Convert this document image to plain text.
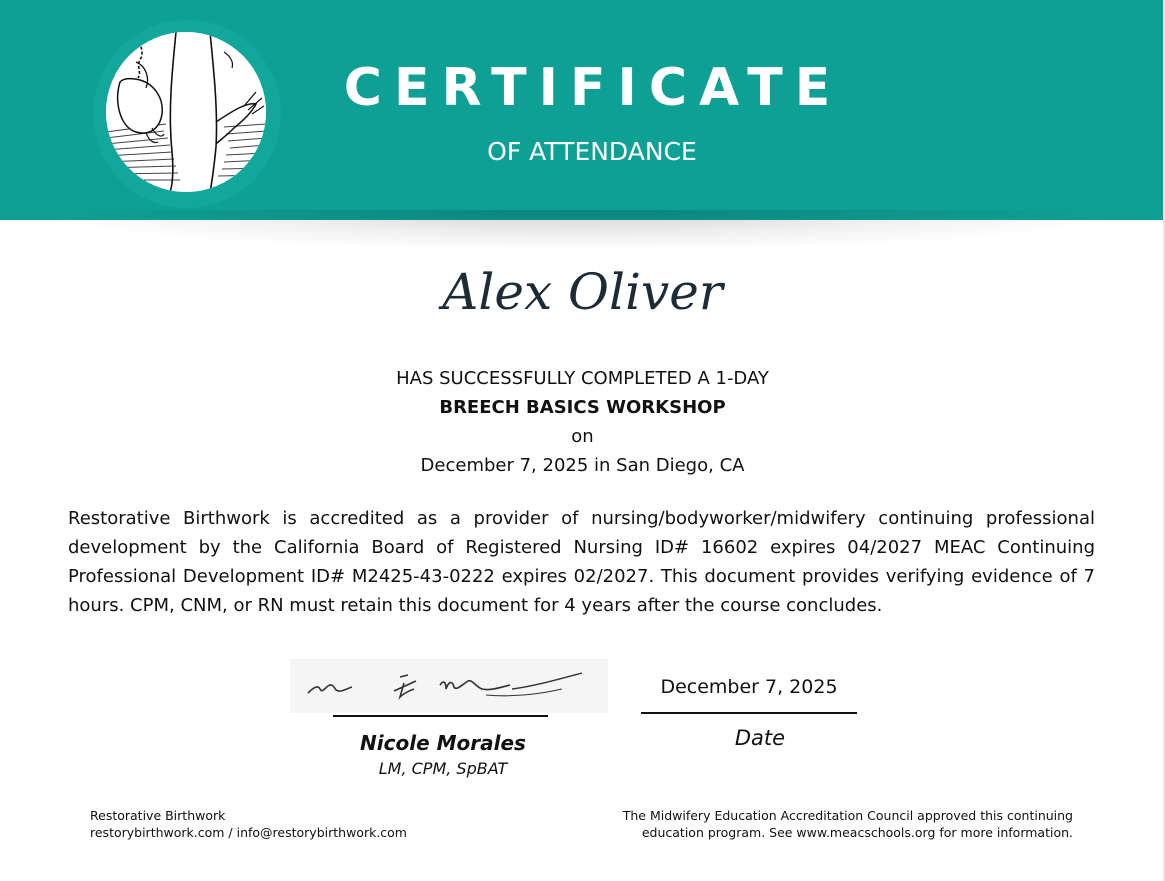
CERTIFICATE
OF ATTENDANCE
Alex Oliver
HAS SUCCESSFULLY COMPLETED A 1-DAY
BREECH BASICS WORKSHOP
on
December 7, 2025 in San Diego, CA
Restorative Birthwork is accredited as a provider of nursing/bodyworker/midwifery continuing professional development by the California Board of Registered Nursing ID# 16602 expires 04/2027 MEAC Continuing Professional Development ID# M2425-43-0222 expires 02/2027. This document provides verifying evidence of 7 hours. CPM, CNM, or RN must retain this document for 4 years after the course concludes.
Nicole Morales
LM, CPM, SpBAT
December 7, 2025
Date
Restorative Birthwork
restorybirthwork.com / info@restorybirthwork.com
The Midwifery Education Accreditation Council approved this continuing
education program. See www.meacschools.org for more information.
